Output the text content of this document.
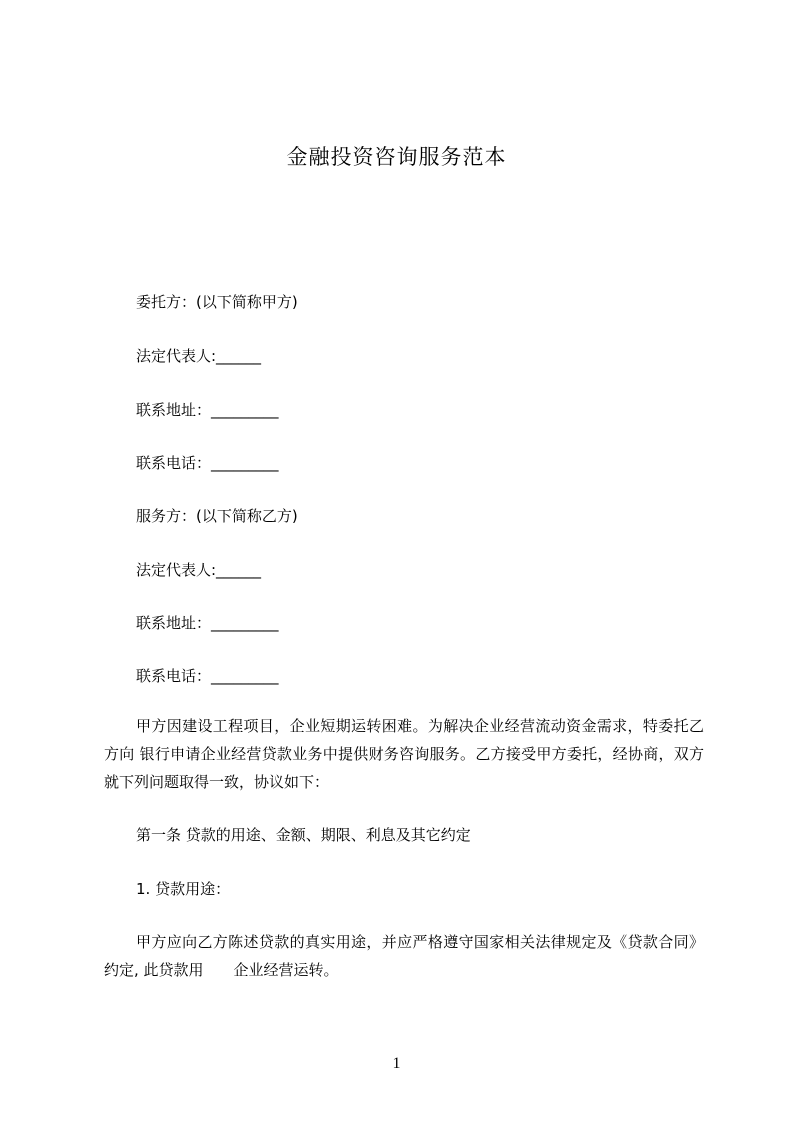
金融投资咨询服务范本
委托方：(以下简称甲方)
法定代表人:______
联系地址：_________
联系电话：_________
服务方：(以下简称乙方)
法定代表人:______
联系地址：_________
联系电话：_________
甲方因建设工程项目，企业短期运转困难。为解决企业经营流动资金需求，特委托乙方向 银行申请企业经营贷款业务中提供财务咨询服务。乙方接受甲方委托，经协商，双方就下列问题取得一致，协议如下：
第一条 贷款的用途、金额、期限、利息及其它约定
1. 贷款用途：
甲方应向乙方陈述贷款的真实用途，并应严格遵守国家相关法律规定及《贷款合同》约定, 此贷款用　　企业经营运转。
1
